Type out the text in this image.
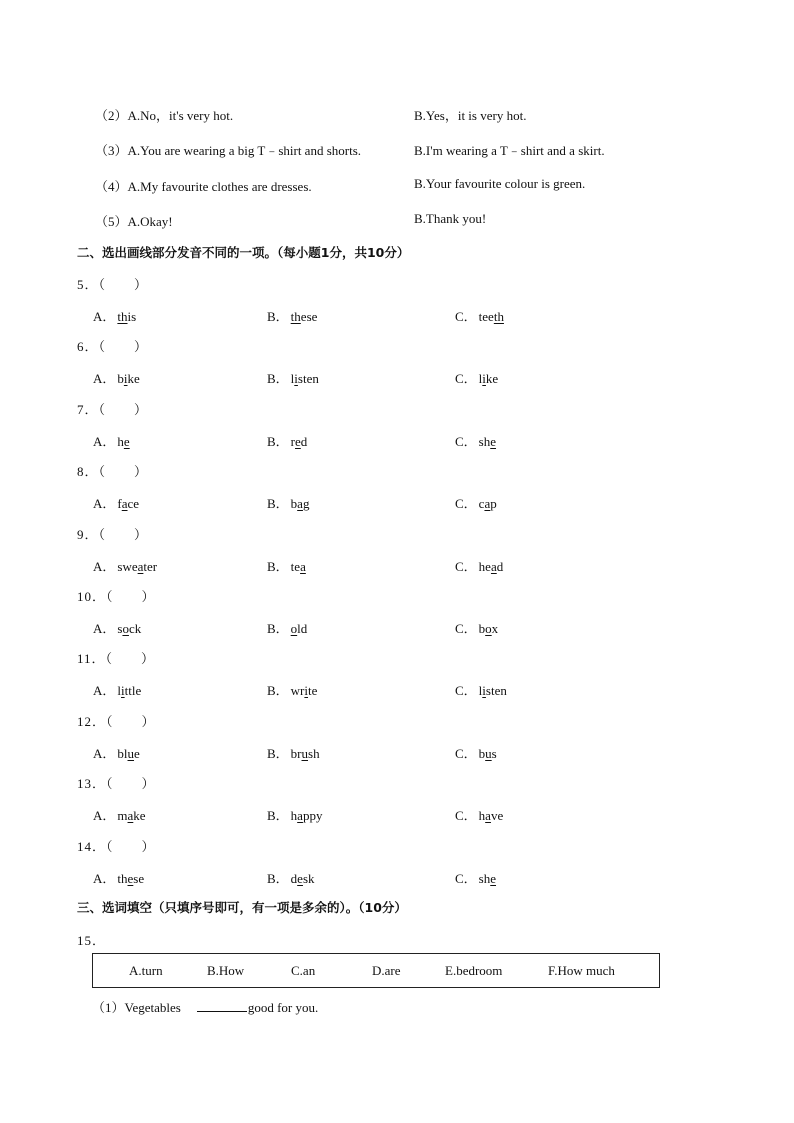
（2）A.No，it's very hot.	B.Yes，it is very hot.
（3）A.You are wearing a big T﹣shirt and shorts.	B.I'm wearing a T﹣shirt and a skirt.
（4）A.My favourite clothes are dresses.	B.Your favourite colour is green.
（5）A.Okay!	B.Thank you!
二、选出画线部分发音不同的一项。（每小题1分，共10分）
5．（　　）
A． this	B． these	C． teeth
6．（　　）
A． bike	B． listen	C． like
7．（　　）
A． he	B． red	C． she
8．（　　）
A． face	B． bag	C． cap
9．（　　）
A． sweater	B． tea	C． head
10．（　　）
A． sock	B． old	C． box
11．（　　）
A． little	B． write	C． listen
12．（　　）
A． blue	B． brush	C． bus
13．（　　）
A． make	B． happy	C． have
14．（　　）
A． these	B． desk	C． she
三、选词填空（只填序号即可，有一项是多余的）。（10分）
15．
A.turn	B.How	C.an	D.are	E.bedroom	F.How much
（1）Vegetables	good for you.
